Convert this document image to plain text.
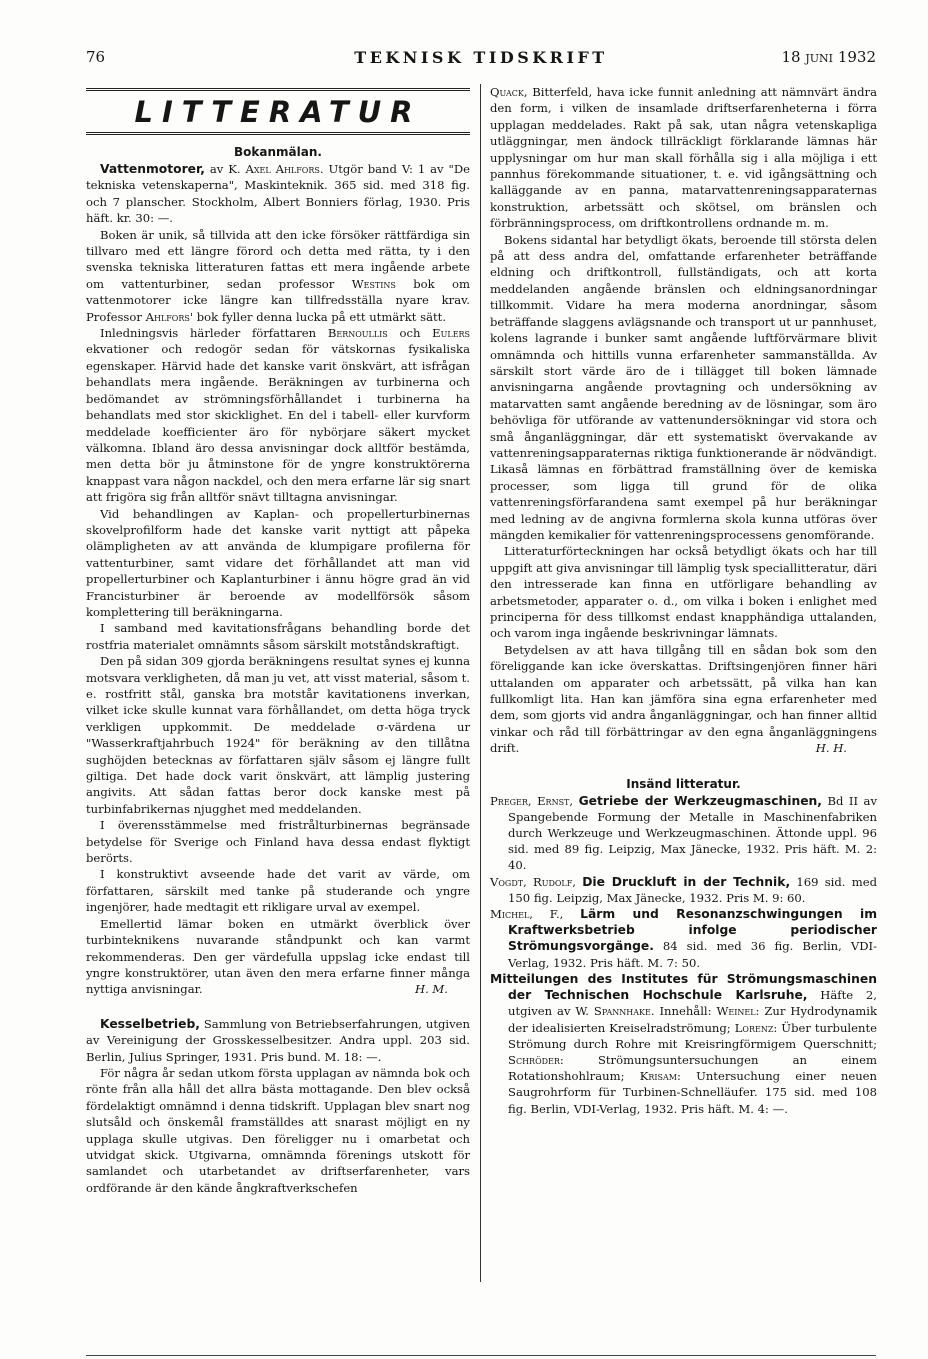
76	TEKNISK TIDSKRIFT	18 juni 1932
LITTERATUR
Bokanmälan.

Vattenmotorer, av K. Axel Ahlfors. Utgör band V: 1 av "De tekniska vetenskaperna", Maskinteknik. 365 sid. med 318 fig. och 7 planscher. Stockholm, Albert Bonniers förlag, 1930. Pris häft. kr. 30: —.

Boken är unik, så tillvida att den icke försöker rättfärdiga sin tillvaro med ett längre förord och detta med rätta, ty i den svenska tekniska litteraturen fattas ett mera ingående arbete om vattenturbiner, sedan professor Westins bok om vattenmotorer icke längre kan tillfredsställa nyare krav. Professor Ahlfors' bok fyller denna lucka på ett utmärkt sätt.

Inledningsvis härleder författaren Bernoullis och Eulers ekvationer och redogör sedan för vätskornas fysikaliska egenskaper. Härvid hade det kanske varit önskvärt, att isfrågan behandlats mera ingående. Beräkningen av turbinerna och bedömandet av strömningsförhållandet i turbinerna ha behandlats med stor skicklighet. En del i tabell- eller kurvform meddelade koefficienter äro för nybörjare säkert mycket välkomna. Ibland äro dessa anvisningar dock alltför bestämda, men detta bör ju åtminstone för de yngre konstruktörerna knappast vara någon nackdel, och den mera erfarne lär sig snart att frigöra sig från alltför snävt tilltagna anvisningar.

Vid behandlingen av Kaplan- och propellerturbinernas skovelprofilform hade det kanske varit nyttigt att påpeka olämpligheten av att använda de klumpigare profilerna för vattenturbiner, samt vidare det förhållandet att man vid propellerturbiner och Kaplanturbiner i ännu högre grad än vid Francisturbiner är beroende av modellförsök såsom komplettering till beräkningarna.

I samband med kavitationsfrågans behandling borde det rostfria materialet omnämnts såsom särskilt motståndskraftigt.

Den på sidan 309 gjorda beräkningens resultat synes ej kunna motsvara verkligheten, då man ju vet, att visst material, såsom t. e. rostfritt stål, ganska bra motstår kavitationens inverkan, vilket icke skulle kunnat vara förhållandet, om detta höga tryck verkligen uppkommit. De meddelade σ-värdena ur "Wasserkraftjahrbuch 1924" för beräkning av den tillåtna sughöjden betecknas av författaren själv såsom ej längre fullt giltiga. Det hade dock varit önskvärt, att lämplig justering angivits. Att sådan fattas beror dock kanske mest på turbinfabrikernas njugghet med meddelanden.

I överensstämmelse med fristrålturbinernas begränsade betydelse för Sverige och Finland hava dessa endast flyktigt berörts.

I konstruktivt avseende hade det varit av värde, om författaren, särskilt med tanke på studerande och yngre ingenjörer, hade medtagit ett rikligare urval av exempel.

Emellertid lämar boken en utmärkt överblick över turbinteknikens nuvarande ståndpunkt och kan varmt rekommenderas. Den ger värdefulla uppslag icke endast till yngre konstruktörer, utan även den mera erfarne finner många nyttiga anvisningar.	H. M.

Kesselbetrieb, Sammlung von Betriebserfahrungen, utgiven av Vereinigung der Grosskesselbesitzer. Andra uppl. 203 sid. Berlin, Julius Springer, 1931. Pris bund. M. 18: —.

För några år sedan utkom första upplagan av nämnda bok och rönte från alla håll det allra bästa mottagande. Den blev också fördelaktigt omnämnd i denna tidskrift. Upplagan blev snart nog slutsåld och önskemål framställdes att snarast möjligt en ny upplaga skulle utgivas. Den föreligger nu i omarbetat och utvidgat skick. Utgivarna, omnämnda förenings utskott för samlandet och utarbetandet av driftserfarenheter, vars ordförande är den kände ångkraftverkschefen

Quack, Bitterfeld, hava icke funnit anledning att nämnvärt ändra den form, i vilken de insamlade driftserfarenheterna i förra upplagan meddelades. Rakt på sak, utan några vetenskapliga utläggningar, men ändock tillräckligt förklarande lämnas här upplysningar om hur man skall förhålla sig i alla möjliga i ett pannhus förekommande situationer, t. e. vid igångsättning och kalläggande av en panna, matarvattenreningsapparaternas konstruktion, arbetssätt och skötsel, om bränslen och förbränningsprocess, om driftkontrollens ordnande m. m.

Bokens sidantal har betydligt ökats, beroende till största delen på att dess andra del, omfattande erfarenheter beträffande eldning och driftkontroll, fullständigats, och att korta meddelanden angående bränslen och eldningsanordningar tillkommit. Vidare ha mera moderna anordningar, såsom beträffande slaggens avlägsnande och transport ut ur pannhuset, kolens lagrande i bunker samt angående luftförvärmare blivit omnämnda och hittills vunna erfarenheter sammanställda. Av särskilt stort värde äro de i tillägget till boken lämnade anvisningarna angående provtagning och undersökning av matarvatten samt angående beredning av de lösningar, som äro behövliga för utförande av vattenundersökningar vid stora och små ånganläggningar, där ett systematiskt övervakande av vattenreningsapparaternas riktiga funktionerande är nödvändigt. Likaså lämnas en förbättrad framställning över de kemiska processer, som ligga till grund för de olika vattenreningsförfarandena samt exempel på hur beräkningar med ledning av de angivna formlerna skola kunna utföras över mängden kemikalier för vattenreningsprocessens genomförande.

Litteraturförteckningen har också betydligt ökats och har till uppgift att giva anvisningar till lämplig tysk speciallitteratur, däri den intresserade kan finna en utförligare behandling av arbetsmetoder, apparater o. d., om vilka i boken i enlighet med principerna för dess tillkomst endast knapphändiga uttalanden, och varom inga ingående beskrivningar lämnats.

Betydelsen av att hava tillgång till en sådan bok som den föreliggande kan icke överskattas. Driftsingenjören finner häri uttalanden om apparater och arbetssätt, på vilka han kan fullkomligt lita. Han kan jämföra sina egna erfarenheter med dem, som gjorts vid andra ånganläggningar, och han finner alltid vinkar och råd till förbättringar av den egna ånganläggningens drift.	H. H.

Insänd litteratur.

Preger, Ernst, Getriebe der Werkzeugmaschinen, Bd II av Spangebende Formung der Metalle in Maschinenfabriken durch Werkzeuge und Werkzeugmaschinen. Ättonde uppl. 96 sid. med 89 fig. Leipzig, Max Jänecke, 1932. Pris häft. M. 2: 40.

Vogdt, Rudolf, Die Druckluft in der Technik, 169 sid. med 150 fig. Leipzig, Max Jänecke, 1932. Pris M. 9: 60.

Michel, F., Lärm und Resonanzschwingungen im Kraftwerksbetrieb infolge periodischer Strömungsvorgänge. 84 sid. med 36 fig. Berlin, VDI-Verlag, 1932. Pris häft. M. 7: 50.

Mitteilungen des Institutes für Strömungsmaschinen der Technischen Hochschule Karlsruhe, Häfte 2, utgiven av W. Spannhake. Innehåll: Weinel: Zur Hydrodynamik der idealisierten Kreiselradströmung; Lorenz: Über turbulente Strömung durch Rohre mit Kreisringförmigem Querschnitt; Schröder: Strömungsuntersuchungen an einem Rotationshohlraum; Krisam: Untersuchung einer neuen Saugrohrform für Turbinen-Schnelläufer. 175 sid. med 108 fig. Berlin, VDI-Verlag, 1932. Pris häft. M. 4: —.
